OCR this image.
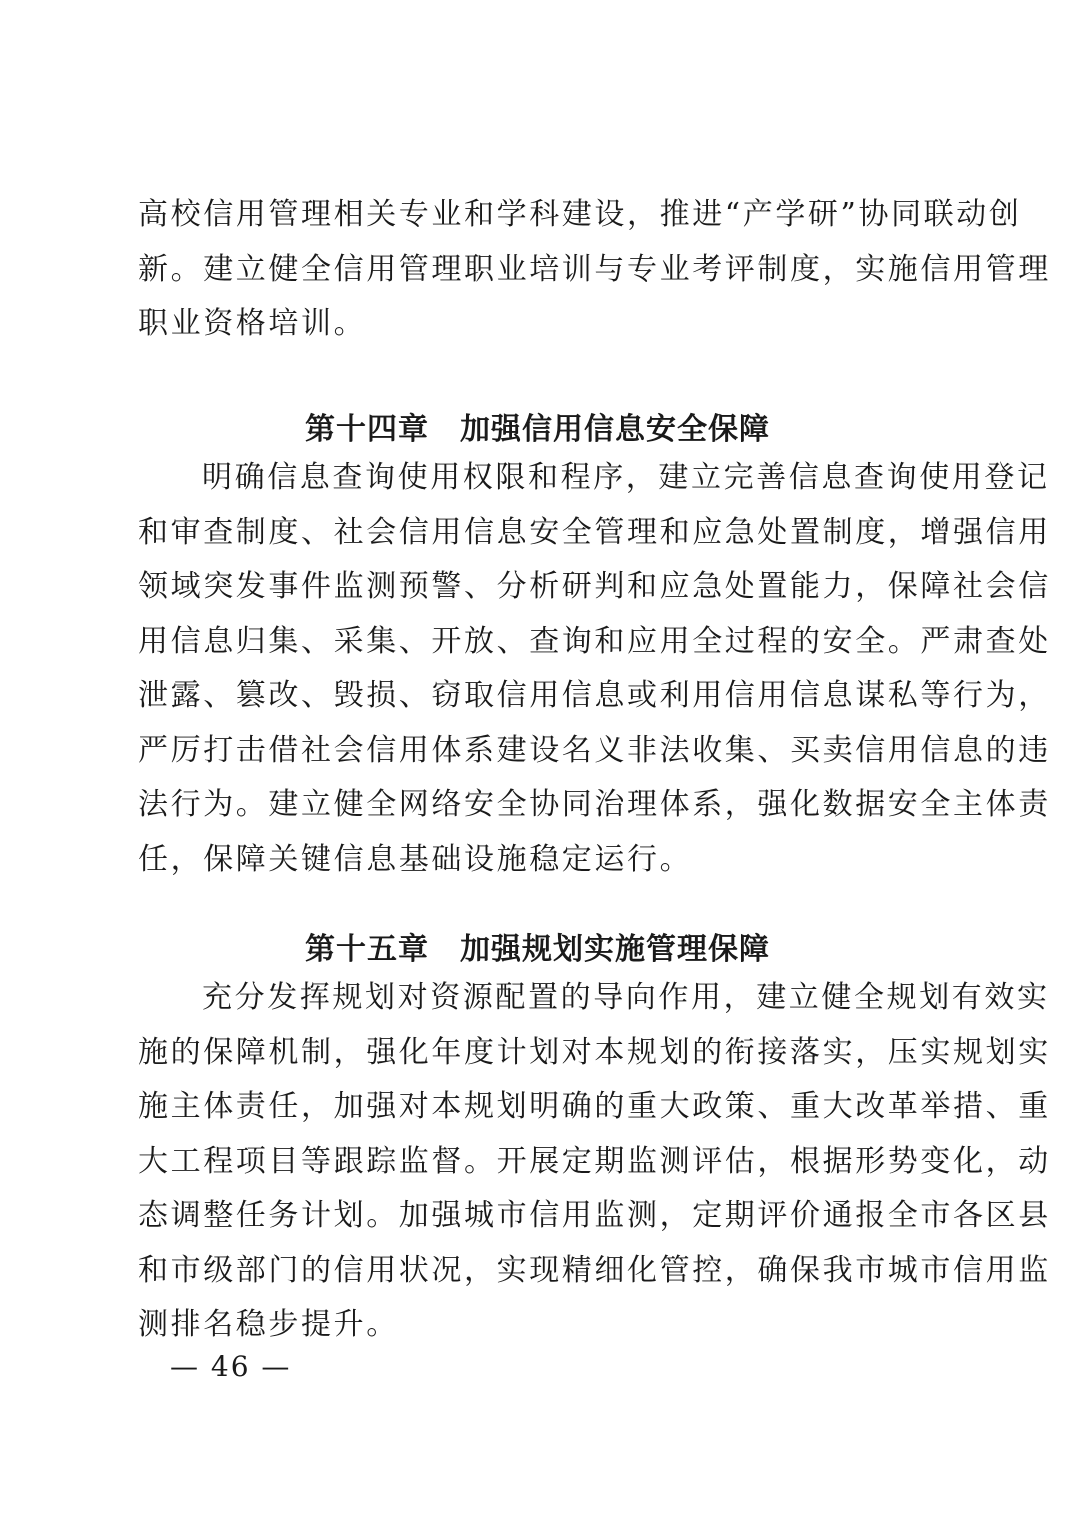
高校信用管理相关专业和学科建设，推进“产学研”协同联动创
新。建立健全信用管理职业培训与专业考评制度，实施信用管理
职业资格培训。
第十四章　加强信用信息安全保障
明确信息查询使用权限和程序，建立完善信息查询使用登记
和审查制度、社会信用信息安全管理和应急处置制度，增强信用
领域突发事件监测预警、分析研判和应急处置能力，保障社会信
用信息归集、采集、开放、查询和应用全过程的安全。严肃查处
泄露、篡改、毁损、窃取信用信息或利用信用信息谋私等行为，
严厉打击借社会信用体系建设名义非法收集、买卖信用信息的违
法行为。建立健全网络安全协同治理体系，强化数据安全主体责
任，保障关键信息基础设施稳定运行。
第十五章　加强规划实施管理保障
充分发挥规划对资源配置的导向作用，建立健全规划有效实
施的保障机制，强化年度计划对本规划的衔接落实，压实规划实
施主体责任，加强对本规划明确的重大政策、重大改革举措、重
大工程项目等跟踪监督。开展定期监测评估，根据形势变化，动
态调整任务计划。加强城市信用监测，定期评价通报全市各区县
和市级部门的信用状况，实现精细化管控，确保我市城市信用监
测排名稳步提升。
— 46 —
